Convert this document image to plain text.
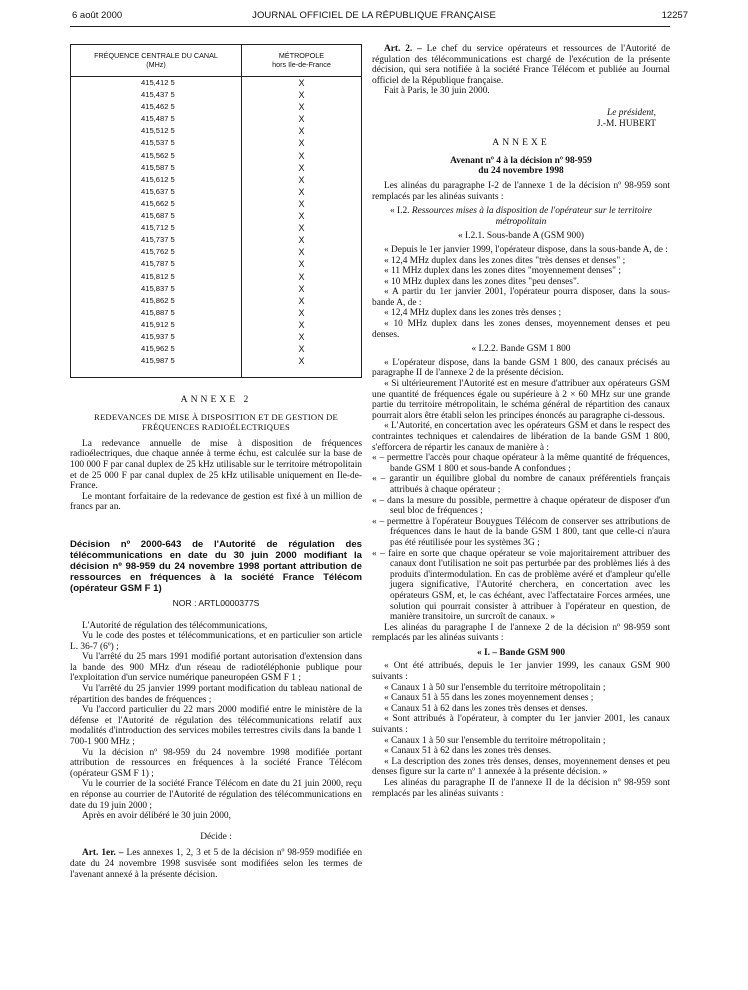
6 août 2000	JOURNAL OFFICIEL DE LA RÉPUBLIQUE FRANÇAISE	12257
FRÉQUENCE CENTRALE DU CANAL
(MHz)	MÉTROPOLE
hors Ile-de-France
415,412 5	X
415,437 5	X
415,462 5	X
415,487 5	X
415,512 5	X
415,537 5	X
415,562 5	X
415,587 5	X
415,612 5	X
415,637 5	X
415,662 5	X
415,687 5	X
415,712 5	X
415,737 5	X
415,762 5	X
415,787 5	X
415,812 5	X
415,837 5	X
415,862 5	X
415,887 5	X
415,912 5	X
415,937 5	X
415,962 5	X
415,987 5	X

ANNEXE 2

REDEVANCES DE MISE À DISPOSITION ET DE GESTION DE FRÉQUENCES RADIOÉLECTRIQUES

La redevance annuelle de mise à disposition de fréquences radioélectriques, due chaque année à terme échu, est calculée sur la base de 100 000 F par canal duplex de 25 kHz utilisable sur le territoire métropolitain et de 25 000 F par canal duplex de 25 kHz utilisable uniquement en Ile-de-France.

Le montant forfaitaire de la redevance de gestion est fixé à un million de francs par an.

Décision nº 2000-643 de l'Autorité de régulation des télécommunications en date du 30 juin 2000 modifiant la décision nº 98-959 du 24 novembre 1998 portant attribution de ressources en fréquences à la société France Télécom (opérateur GSM F 1)

NOR : ARTL0000377S

L'Autorité de régulation des télécommunications,

Vu le code des postes et télécommunications, et en particulier son article L. 36-7 (6º) ;

Vu l'arrêté du 25 mars 1991 modifié portant autorisation d'extension dans la bande des 900 MHz d'un réseau de radiotéléphonie publique pour l'exploitation d'un service numérique paneuropéen GSM F 1 ;

Vu l'arrêté du 25 janvier 1999 portant modification du tableau national de répartition des bandes de fréquences ;

Vu l'accord particulier du 22 mars 2000 modifié entre le ministère de la défense et l'Autorité de régulation des télécommunications relatif aux modalités d'introduction des services mobiles terrestres civils dans la bande 1 700-1 900 MHz ;

Vu la décision nº 98-959 du 24 novembre 1998 modifiée portant attribution de ressources en fréquences à la société France Télécom (opérateur GSM F 1) ;

Vu le courrier de la société France Télécom en date du 21 juin 2000, reçu en réponse au courrier de l'Autorité de régulation des télécommunications en date du 19 juin 2000 ;

Après en avoir délibéré le 30 juin 2000,

Décide :

Art. 1er. – Les annexes 1, 2, 3 et 5 de la décision nº 98-959 modifiée en date du 24 novembre 1998 susvisée sont modifiées selon les termes de l'avenant annexé à la présente décision.

Art. 2. – Le chef du service opérateurs et ressources de l'Autorité de régulation des télécommunications est chargé de l'exécution de la présente décision, qui sera notifiée à la société France Télécom et publiée au Journal officiel de la République française.

Fait à Paris, le 30 juin 2000.

Le président,

J.-M. HUBERT

ANNEXE

Avenant nº 4 à la décision nº 98-959

du 24 novembre 1998

Les alinéas du paragraphe I-2 de l'annexe 1 de la décision nº 98-959 sont remplacés par les alinéas suivants :

« I.2. Ressources mises à la disposition de l'opérateur sur le territoire métropolitain

« I.2.1. Sous-bande A (GSM 900)

« Depuis le 1er janvier 1999, l'opérateur dispose, dans la sous-bande A, de :

« 12,4 MHz duplex dans les zones dites "très denses et denses" ;

« 11 MHz duplex dans les zones dites "moyennement denses" ;

« 10 MHz duplex dans les zones dites "peu denses".

« A partir du 1er janvier 2001, l'opérateur pourra disposer, dans la sous-bande A, de :

« 12,4 MHz duplex dans les zones très denses ;

« 10 MHz duplex dans les zones denses, moyennement denses et peu denses.

« I.2.2. Bande GSM 1 800

« L'opérateur dispose, dans la bande GSM 1 800, des canaux précisés au paragraphe II de l'annexe 2 de la présente décision.

« Si ultérieurement l'Autorité est en mesure d'attribuer aux opérateurs GSM une quantité de fréquences égale ou supérieure à 2 × 60 MHz sur une grande partie du territoire métropolitain, le schéma général de répartition des canaux pourrait alors être établi selon les principes énoncés au paragraphe ci-dessous.

« L'Autorité, en concertation avec les opérateurs GSM et dans le respect des contraintes techniques et calendaires de libération de la bande GSM 1 800, s'efforcera de répartir les canaux de manière à :

« – permettre l'accès pour chaque opérateur à la même quantité de fréquences, bande GSM 1 800 et sous-bande A confondues ;

« – garantir un équilibre global du nombre de canaux préférentiels français attribués à chaque opérateur ;

« – dans la mesure du possible, permettre à chaque opérateur de disposer d'un seul bloc de fréquences ;

« – permettre à l'opérateur Bouygues Télécom de conserver ses attributions de fréquences dans le haut de la bande GSM 1 800, tant que celle-ci n'aura pas été réutilisée pour les systèmes 3G ;

« – faire en sorte que chaque opérateur se voie majoritairement attribuer des canaux dont l'utilisation ne soit pas perturbée par des problèmes liés à des produits d'intermodulation. En cas de problème avéré et d'ampleur qu'elle jugera significative, l'Autorité cherchera, en concertation avec les opérateurs GSM, et, le cas échéant, avec l'affectataire Forces armées, une solution qui pourrait consister à attribuer à l'opérateur en question, de manière transitoire, un surcroît de canaux. »

Les alinéas du paragraphe I de l'annexe 2 de la décision nº 98-959 sont remplacés par les alinéas suivants :

« I. – Bande GSM 900

« Ont été attribués, depuis le 1er janvier 1999, les canaux GSM 900 suivants :

« Canaux 1 à 50 sur l'ensemble du territoire métropolitain ;

« Canaux 51 à 55 dans les zones moyennement denses ;

« Canaux 51 à 62 dans les zones très denses et denses.

« Sont attribués à l'opérateur, à compter du 1er janvier 2001, les canaux suivants :

« Canaux 1 à 50 sur l'ensemble du territoire métropolitain ;

« Canaux 51 à 62 dans les zones très denses.

« La description des zones très denses, denses, moyennement denses et peu denses figure sur la carte nº 1 annexée à la présente décision. »

Les alinéas du paragraphe II de l'annexe II de la décision nº 98-959 sont remplacés par les alinéas suivants :
